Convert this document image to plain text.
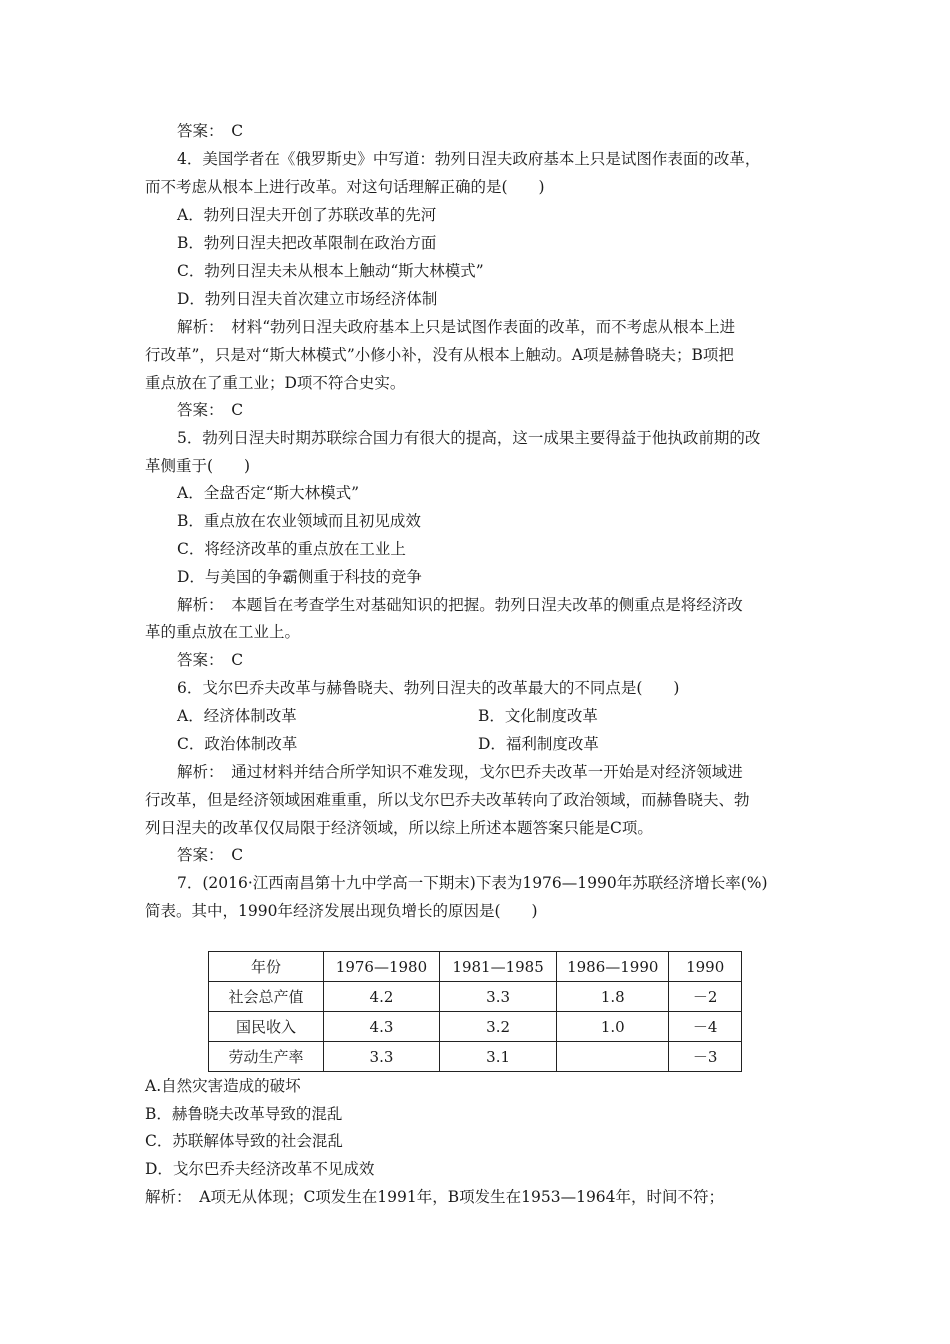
答案：　C
4．美国学者在《俄罗斯史》中写道：勃列日涅夫政府基本上只是试图作表面的改革，
而不考虑从根本上进行改革。对这句话理解正确的是(　　)
A．勃列日涅夫开创了苏联改革的先河
B．勃列日涅夫把改革限制在政治方面
C．勃列日涅夫未从根本上触动“斯大林模式”
D．勃列日涅夫首次建立市场经济体制
解析：　材料“勃列日涅夫政府基本上只是试图作表面的改革，而不考虑从根本上进
行改革”，只是对“斯大林模式”小修小补，没有从根本上触动。A项是赫鲁晓夫；B项把
重点放在了重工业；D项不符合史实。
答案：　C
5．勃列日涅夫时期苏联综合国力有很大的提高，这一成果主要得益于他执政前期的改
革侧重于(　　)
A．全盘否定“斯大林模式”
B．重点放在农业领域而且初见成效
C．将经济改革的重点放在工业上
D．与美国的争霸侧重于科技的竞争
解析：　本题旨在考查学生对基础知识的把握。勃列日涅夫改革的侧重点是将经济改
革的重点放在工业上。
答案：　C
6．戈尔巴乔夫改革与赫鲁晓夫、勃列日涅夫的改革最大的不同点是(　　)
A．经济体制改革	B．文化制度改革
C．政治体制改革	D．福利制度改革
解析：　通过材料并结合所学知识不难发现，戈尔巴乔夫改革一开始是对经济领域进
行改革，但是经济领域困难重重，所以戈尔巴乔夫改革转向了政治领域，而赫鲁晓夫、勃
列日涅夫的改革仅仅局限于经济领域，所以综上所述本题答案只能是C项。
答案：　C
7．(2016·江西南昌第十九中学高一下期末)下表为1976—1990年苏联经济增长率(%)
简表。其中，1990年经济发展出现负增长的原因是(　　)
年份	1976—1980	1981—1985	1986—1990	1990
社会总产值	4.2	3.3	1.8	－2
国民收入	4.3	3.2	1.0	－4
劳动生产率	3.3	3.1		－3
A.自然灾害造成的破坏
B．赫鲁晓夫改革导致的混乱
C．苏联解体导致的社会混乱
D．戈尔巴乔夫经济改革不见成效
解析：　A项无从体现；C项发生在1991年，B项发生在1953—1964年，时间不符；
